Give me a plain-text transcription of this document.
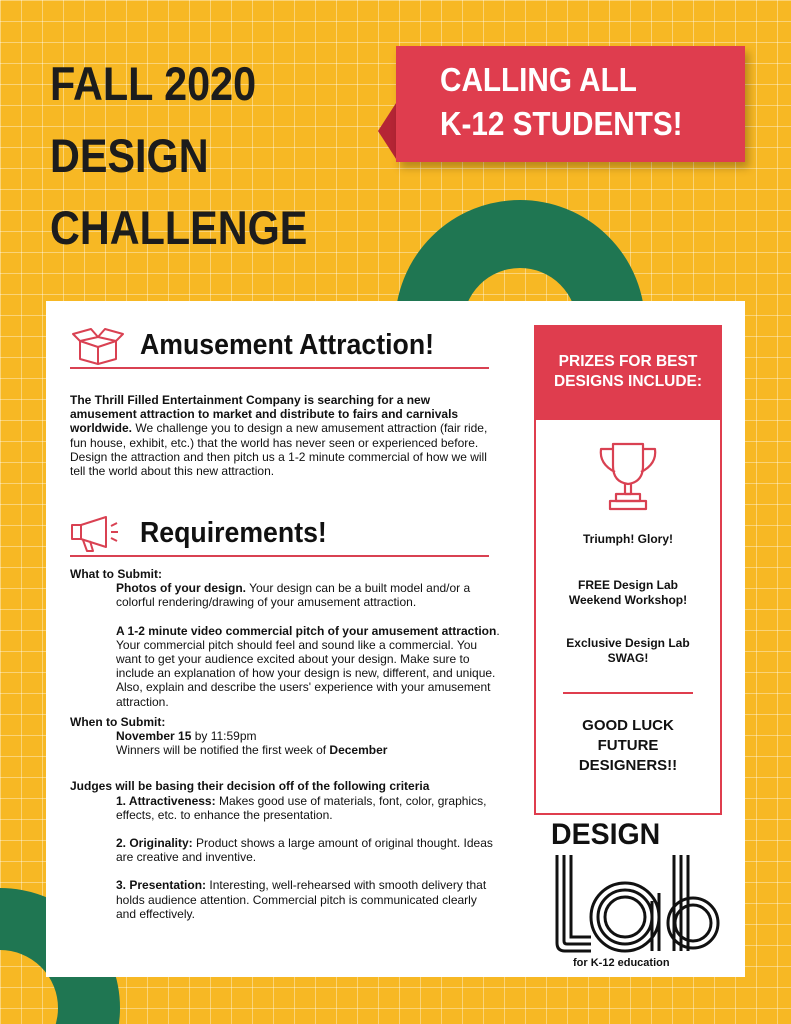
FALL 2020
DESIGN
CHALLENGE
CALLING ALL
K-12 STUDENTS!
Amusement Attraction!
The Thrill Filled Entertainment Company is searching for a new amusement attraction to market and distribute to fairs and carnivals worldwide. We challenge you to design a new amusement attraction (fair ride, fun house, exhibit, etc.) that the world has never seen or experienced before. Design the attraction and then pitch us a 1-2 minute commercial of how we will tell the world about this new attraction.
Requirements!
What to Submit:
Photos of your design. Your design can be a built model and/or a colorful rendering/drawing of your amusement attraction.
A 1-2 minute video commercial pitch of your amusement attraction. Your commercial pitch should feel and sound like a commercial. You want to get your audience excited about your design. Make sure to include an explanation of how your design is new, different, and unique. Also, explain and describe the users' experience with your amusement attraction.
When to Submit:
November 15 by 11:59pm
Winners will be notified the first week of December
Judges will be basing their decision off of the following criteria
1. Attractiveness: Makes good use of materials, font, color, graphics, effects, etc. to enhance the presentation.
2. Originality: Product shows a large amount of original thought. Ideas are creative and inventive.
3. Presentation: Interesting, well-rehearsed with smooth delivery that holds audience attention. Commercial pitch is communicated clearly and effectively.
PRIZES FOR BEST
DESIGNS INCLUDE:
Triumph! Glory!
FREE Design Lab
Weekend Workshop!
Exclusive Design Lab
SWAG!
GOOD LUCK
FUTURE
DESIGNERS!!
DESIGN
for K-12 education
